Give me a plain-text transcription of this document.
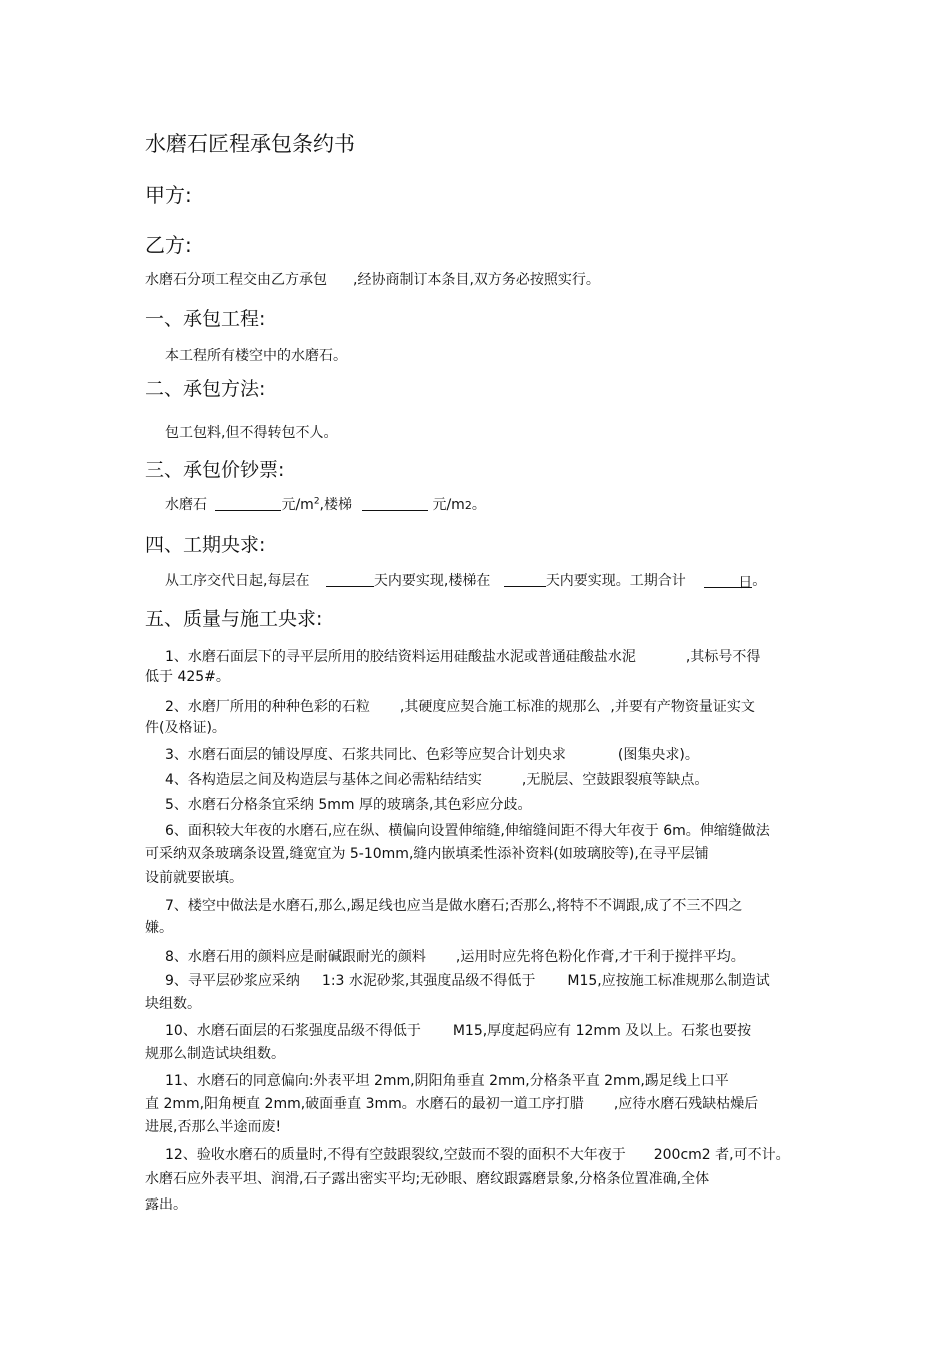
水磨石匠程承包条约书
甲方:
乙方:
水磨石分项工程交由乙方承包 ,经协商制订本条目,双方务必按照实行。
一、承包工程:
本工程所有楼空中的水磨石。
二、承包方法:
包工包料,但不得转包不人。
三、承包价钞票:
水磨石	元$/m^2$,楼梯	元/m2。
四、工期央求:
从工序交代日起,每层在	天内要实现,楼梯在	天内要实现。工期合计	日。
五、质量与施工央求:
1、水磨石面层下的寻平层所用的胶结资料运用硅酸盐水泥或普通硅酸盐水泥	,其标号不得
低于 425#。
2、水磨厂所用的种种色彩的石粒 ,其硬度应契合施工标准的规那么 ,并要有产物资量证实文
件(及格证)。
3、水磨石面层的铺设厚度、石浆共同比、色彩等应契合计划央求	(图集央求)。
4、各构造层之间及构造层与基体之间必需粘结结实	,无脱层、空鼓跟裂痕等缺点。
5、水磨石分格条宜采纳 5mm 厚的玻璃条,其色彩应分歧。
6、面积较大年夜的水磨石,应在纵、横偏向设置伸缩缝,伸缩缝间距不得大年夜于 6m。伸缩缝做法
可采纳双条玻璃条设置,缝宽宜为 5-10mm,缝内嵌填柔性添补资料(如玻璃胶等),在寻平层铺
设前就要嵌填。
7、楼空中做法是水磨石,那么,踢足线也应当是做水磨石;否那么,将特不不调跟,成了不三不四之
嫌。
8、水磨石用的颜料应是耐碱跟耐光的颜料 ,运用时应先将色粉化作膏,才干利于搅拌平均。
9、寻平层砂浆应采纳 1:3 水泥砂浆,其强度品级不得低于 M15,应按施工标准规那么制造试
块组数。
10、水磨石面层的石浆强度品级不得低于 M15,厚度起码应有 12mm 及以上。石浆也要按
规那么制造试块组数。
11、水磨石的同意偏向:外表平坦 2mm,阴阳角垂直 2mm,分格条平直 2mm,踢足线上口平
直 2mm,阳角梗直 2mm,破面垂直 3mm。水磨石的最初一道工序打腊 ,应待水磨石残缺枯燥后
进展,否那么半途而废!
12、验收水磨石的质量时,不得有空鼓跟裂纹,空鼓而不裂的面积不大年夜于 200cm2 者,可不计。
水磨石应外表平坦、润滑,石子露出密实平均;无砂眼、磨纹跟露磨景象,分格条位置准确,全体
露出。
